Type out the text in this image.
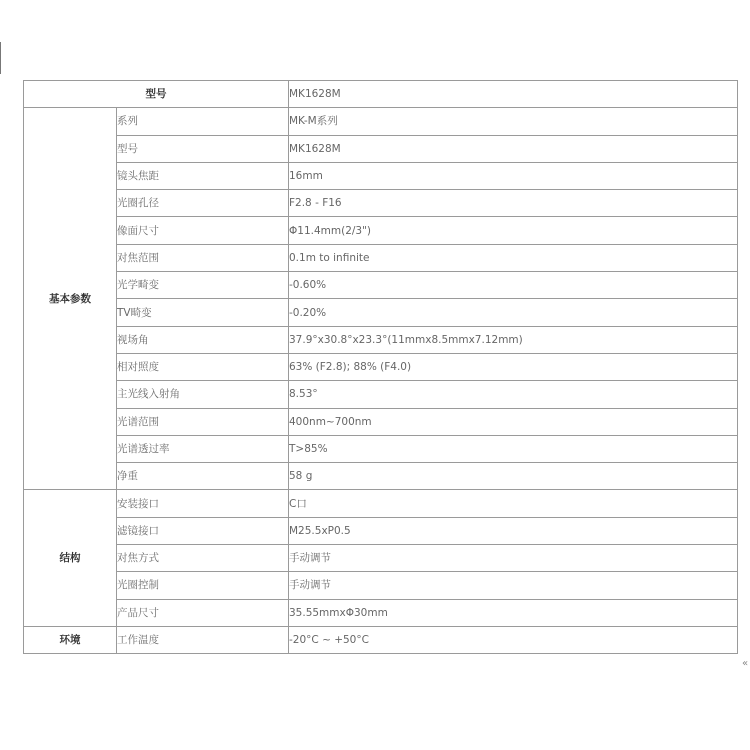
型号		MK1628M
基本参数	系列	MK-M系列
	型号	MK1628M
	镜头焦距	16mm
	光圈孔径	F2.8 - F16
	像面尺寸	Φ11.4mm(2/3")
	对焦范围	0.1m to infinite
	光学畸变	-0.60%
	TV畸变	-0.20%
	视场角	37.9°x30.8°x23.3°(11mmx8.5mmx7.12mm)
	相对照度	63% (F2.8); 88% (F4.0)
	主光线入射角	8.53°
	光谱范围	400nm~700nm
	光谱透过率	T>85%
	净重	58 g
结构	安装接口	C口
	滤镜接口	M25.5xP0.5
	对焦方式	手动调节
	光圈控制	手动调节
	产品尺寸	35.55mmxΦ30mm
环境	工作温度	-20°C ~ +50°C
«
